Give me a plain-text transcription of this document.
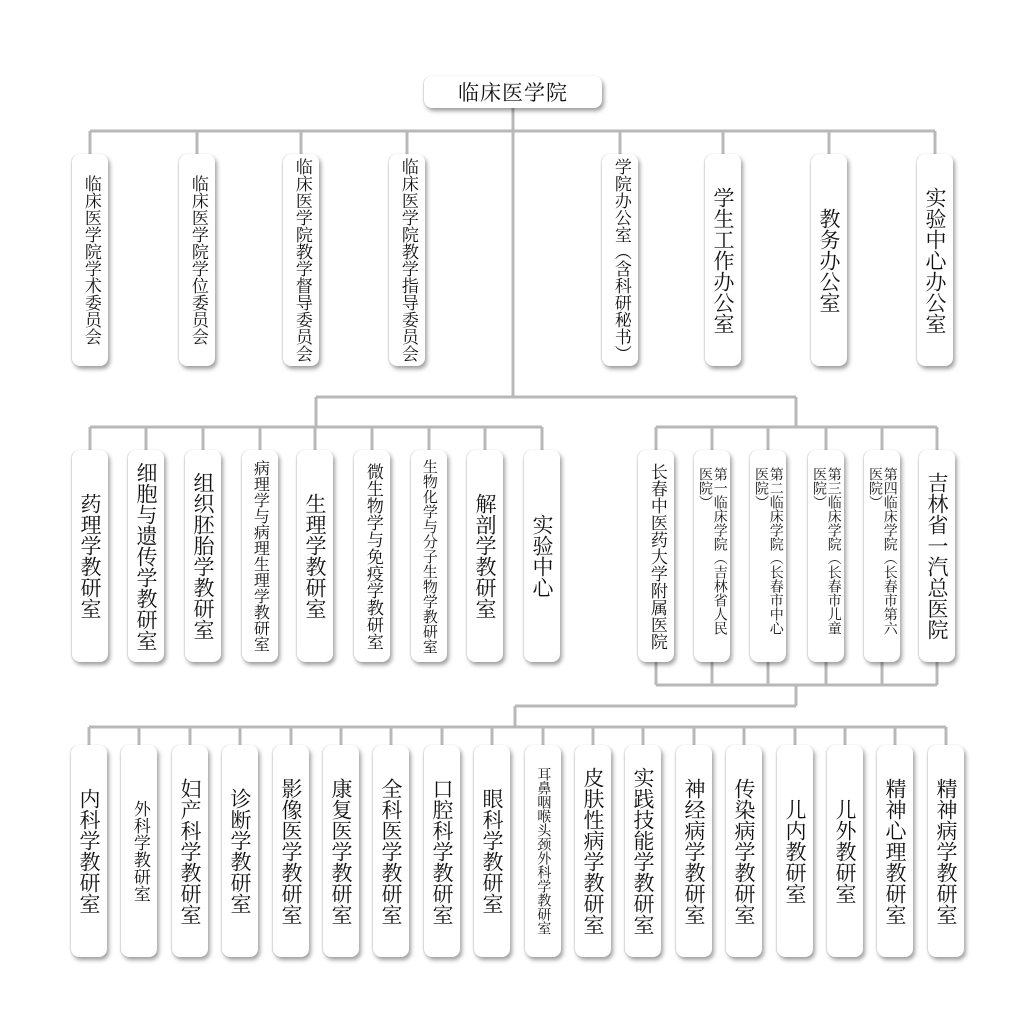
临床医学院
临床医学院学术委员会	临床医学院学位委员会	临床医学院教学督导委员会	临床医学院教学指导委员会	学院办公室（含科研秘书）	学生工作办公室	教务办公室	实验中心办公室
药理学教研室 细胞与遗传学教研室 组织胚胎学教研室 病理学与病理生理学教研室 生理学教研室 微生物学与免疫学教研室	生物化学与分子生物学教研室 解剖学教研室 实验中心	长春中医药大学附属医院	第一临床学院（吉林省人民医院）	第二临床学院（长春市中心医院）	第三临床学院（长春市儿童医院）	第四临床学院（长春市第六医院）	吉林省一汽总医院
内科学教研室 外科学教研室 妇产科学教研室 诊断学教研室 影像医学教研室 康复医学教研室 全科医学教研室 口腔科学教研室 眼科学教研室 耳鼻咽喉头颈外科学教研室 皮肤性病学教研室 实践技能学教研室 神经病学教研室 传染病学教研室 儿内教研室 儿外教研室 精神心理教研室 精神病学教研室
